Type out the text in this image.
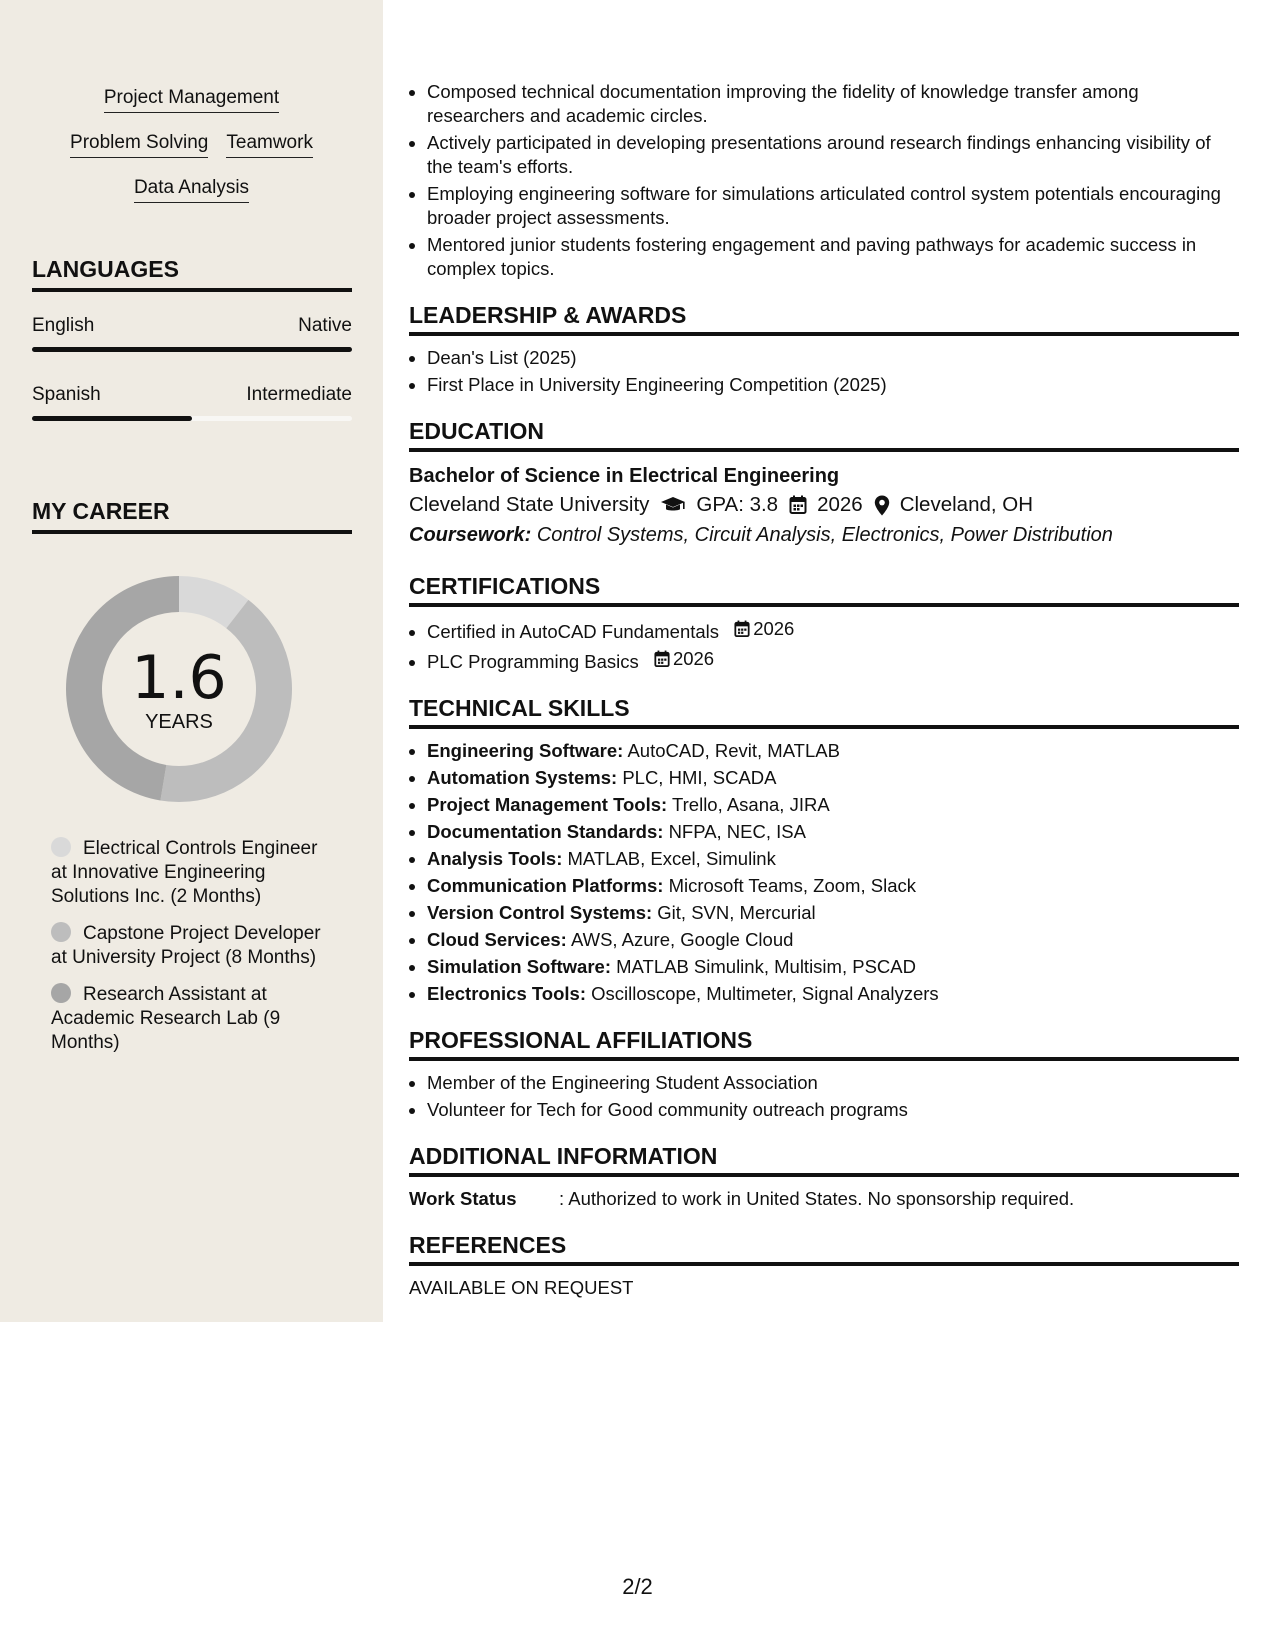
Project Management
Problem Solving Teamwork
Data Analysis
LANGUAGES
English	Native
Spanish	Intermediate
MY CAREER
1.6
YEARS
Electrical Controls Engineer at Innovative Engineering Solutions Inc. (2 Months)
Capstone Project Developer at University Project (8 Months)
Research Assistant at Academic Research Lab (9 Months)
• Composed technical documentation improving the fidelity of knowledge transfer among researchers and academic circles.
• Actively participated in developing presentations around research findings enhancing visibility of the team's efforts.
• Employing engineering software for simulations articulated control system potentials encouraging broader project assessments.
• Mentored junior students fostering engagement and paving pathways for academic success in complex topics.
LEADERSHIP & AWARDS
• Dean's List (2025)
• First Place in University Engineering Competition (2025)
EDUCATION
Bachelor of Science in Electrical Engineering
Cleveland State University GPA: 3.8 2026 Cleveland, OH
Coursework: Control Systems, Circuit Analysis, Electronics, Power Distribution
CERTIFICATIONS
• Certified in AutoCAD Fundamentals 2026
• PLC Programming Basics 2026
TECHNICAL SKILLS
• Engineering Software: AutoCAD, Revit, MATLAB
• Automation Systems: PLC, HMI, SCADA
• Project Management Tools: Trello, Asana, JIRA
• Documentation Standards: NFPA, NEC, ISA
• Analysis Tools: MATLAB, Excel, Simulink
• Communication Platforms: Microsoft Teams, Zoom, Slack
• Version Control Systems: Git, SVN, Mercurial
• Cloud Services: AWS, Azure, Google Cloud
• Simulation Software: MATLAB Simulink, Multisim, PSCAD
• Electronics Tools: Oscilloscope, Multimeter, Signal Analyzers
PROFESSIONAL AFFILIATIONS
• Member of the Engineering Student Association
• Volunteer for Tech for Good community outreach programs
ADDITIONAL INFORMATION
Work Status	: Authorized to work in United States. No sponsorship required.
REFERENCES
AVAILABLE ON REQUEST
2/2
